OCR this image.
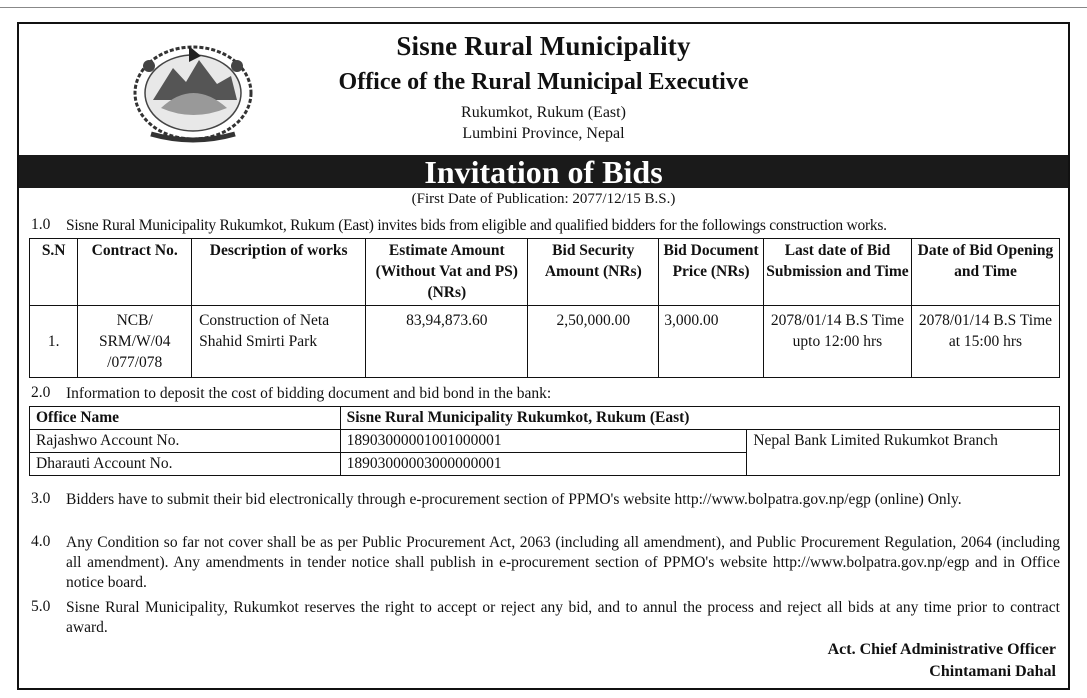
Sisne Rural Municipality
Office of the Rural Municipal Executive
Rukumkot, Rukum (East)
Lumbini Province, Nepal
Invitation of Bids
(First Date of Publication: 2077/12/15 B.S.)
1.0 Sisne Rural Municipality Rukumkot, Rukum (East) invites bids from eligible and qualified bidders for the followings construction works.
S.N	Contract No.	Description of works	Estimate Amount (Without Vat and PS) (NRs)	Bid Security Amount (NRs)	Bid Document Price (NRs)	Last date of Bid Submission and Time	Date of Bid Opening and Time
1.	NCB/ SRM/W/04 /077/078	Construction of Neta Shahid Smirti Park	83,94,873.60	2,50,000.00	3,000.00	2078/01/14 B.S Time upto 12:00 hrs	2078/01/14 B.S Time at 15:00 hrs
2.0 Information to deposit the cost of bidding document and bid bond in the bank:
Office Name	Sisne Rural Municipality Rukumkot, Rukum (East)	
Rajashwo Account No.	18903000001001000001	Nepal Bank Limited Rukumkot Branch
Dharauti Account No.	18903000003000000001	
3.0 Bidders have to submit their bid electronically through e-procurement section of PPMO's website http://www.bolpatra.gov.np/egp (online) Only.
4.0 Any Condition so far not cover shall be as per Public Procurement Act, 2063 (including all amendment), and Public Procurement Regulation, 2064 (including all amendment). Any amendments in tender notice shall publish in e-procurement section of PPMO's website http://www.bolpatra.gov.np/egp and in Office notice board.
5.0 Sisne Rural Municipality, Rukumkot reserves the right to accept or reject any bid, and to annul the process and reject all bids at any time prior to contract award.
Act. Chief Administrative Officer
Chintamani Dahal
